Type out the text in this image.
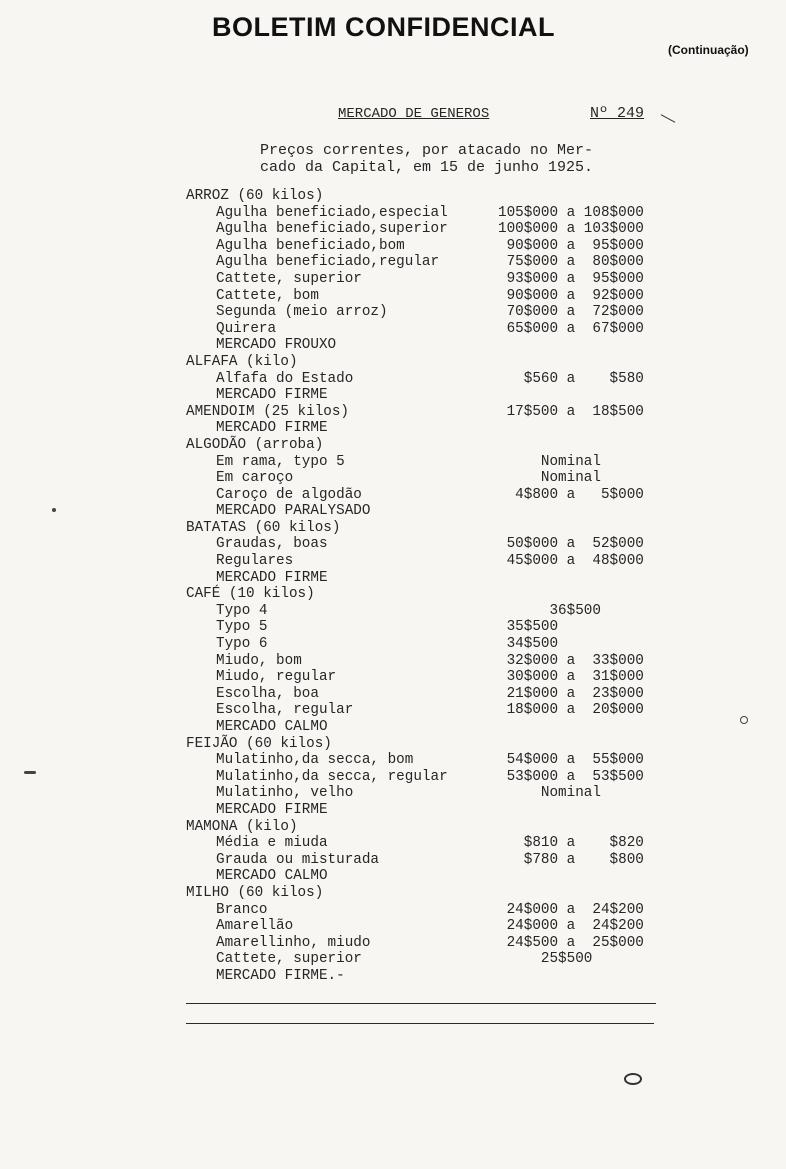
BOLETIM CONFIDENCIAL
(Continuação)
MERCADO DE GENEROS	Nº 249
Preços correntes, por atacado no Mer-
cado da Capital, em 15 de junho 1925.
ARROZ (60 kilos)
Agulha beneficiado,especial	105$000 a 108$000
Agulha beneficiado,superior	100$000 a 103$000
Agulha beneficiado,bom	90$000 a  95$000
Agulha beneficiado,regular	75$000 a  80$000
Cattete, superior	93$000 a  95$000
Cattete, bom	90$000 a  92$000
Segunda (meio arroz)	70$000 a  72$000
Quirera	65$000 a  67$000
MERCADO FROUXO
ALFAFA (kilo)
Alfafa do Estado	$560 a    $580
MERCADO FIRME
AMENDOIM (25 kilos)	17$500 a  18$500
MERCADO FIRME
ALGODÃO (arroba)
Em rama, typo 5	Nominal
Em caroço	Nominal
Caroço de algodão	4$800 a   5$000
MERCADO PARALYSADO
BATATAS (60 kilos)
Graudas, boas	50$000 a  52$000
Regulares	45$000 a  48$000
MERCADO FIRME
CAFÉ (10 kilos)
Typo 4	36$500
Typo 5	35$500
Typo 6	34$500
Miudo, bom	32$000 a  33$000
Miudo, regular	30$000 a  31$000
Escolha, boa	21$000 a  23$000
Escolha, regular	18$000 a  20$000
MERCADO CALMO
FEIJÃO (60 kilos)
Mulatinho,da secca, bom	54$000 a  55$000
Mulatinho,da secca, regular	53$000 a  53$500
Mulatinho, velho	Nominal
MERCADO FIRME
MAMONA (kilo)
Média e miuda	$810 a    $820
Grauda ou misturada	$780 a    $800
MERCADO CALMO
MILHO (60 kilos)
Branco	24$000 a  24$200
Amarellão	24$000 a  24$200
Amarellinho, miudo	24$500 a  25$000
Cattete, superior	25$500
MERCADO FIRME.-
